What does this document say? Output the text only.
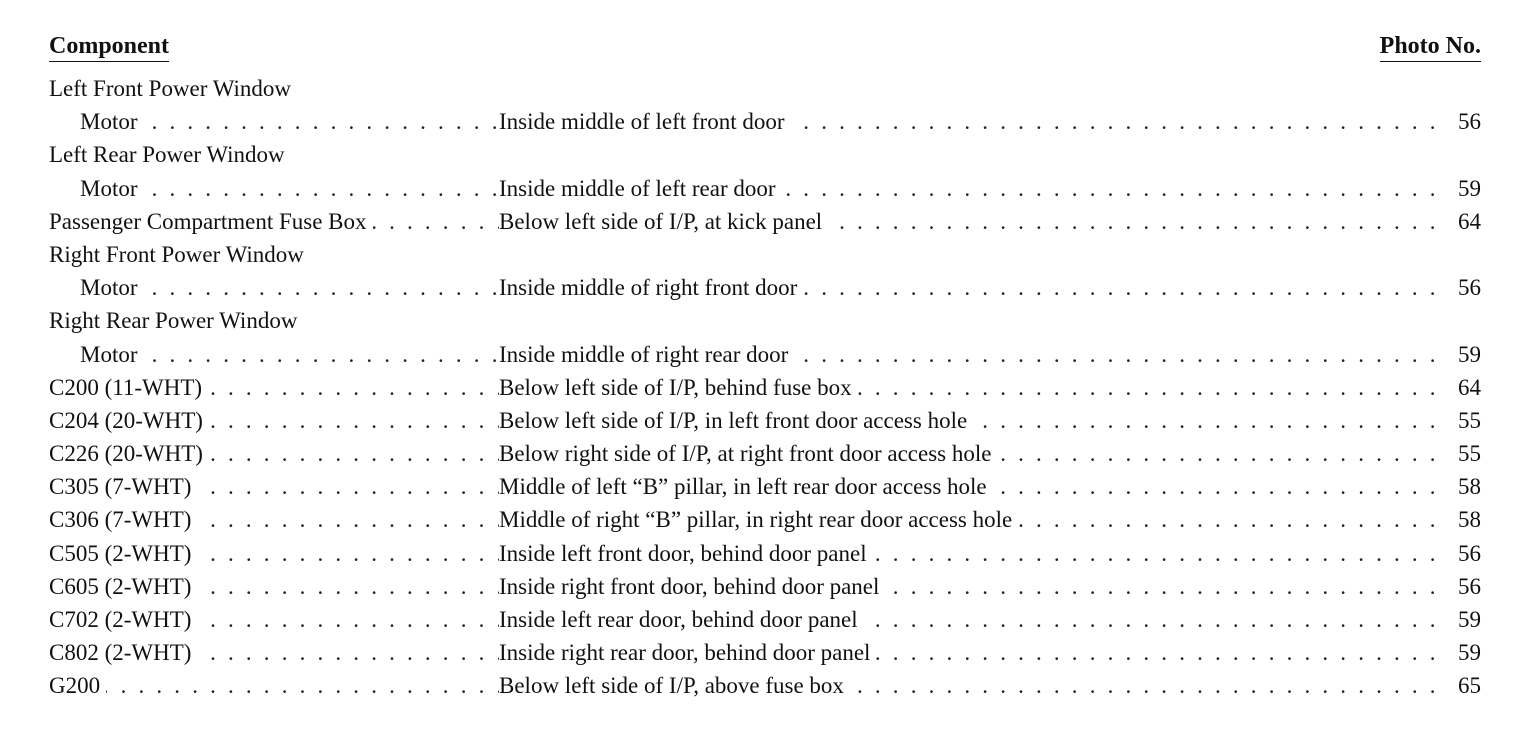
Component	Photo No.
Left Front Power Window
. . .
Motor . . .	Inside middle of left front door	56
Left Rear Power Window
. . .
Motor . . .	Inside middle of left rear door	59
. . .
Passenger Compartment Fuse Box . . .	Below left side of I/P, at kick panel	64
Right Front Power Window
. . .
Motor . . .	Inside middle of right front door	56
Right Rear Power Window
. . .
Motor . . .	Inside middle of right rear door	59
. . .
C200 (11-WHT) . . .	Below left side of I/P, behind fuse box	64
. . .
C204 (20-WHT) . . .	Below left side of I/P, in left front door access hole	55
. . .
C226 (20-WHT) . . .	Below right side of I/P, at right front door access hole	55
. . .
C305 (7-WHT) . . .	Middle of left “B” pillar, in left rear door access hole	58
. . .
C306 (7-WHT) . . .	Middle of right “B” pillar, in right rear door access hole	58
. . .
C505 (2-WHT) . . .	Inside left front door, behind door panel	56
. . .
C605 (2-WHT) . . .	Inside right front door, behind door panel	56
. . .
C702 (2-WHT) . . .	Inside left rear door, behind door panel	59
. . .
C802 (2-WHT) . . .	Inside right rear door, behind door panel	59
. . .
G200 . . .	Below left side of I/P, above fuse box	65
